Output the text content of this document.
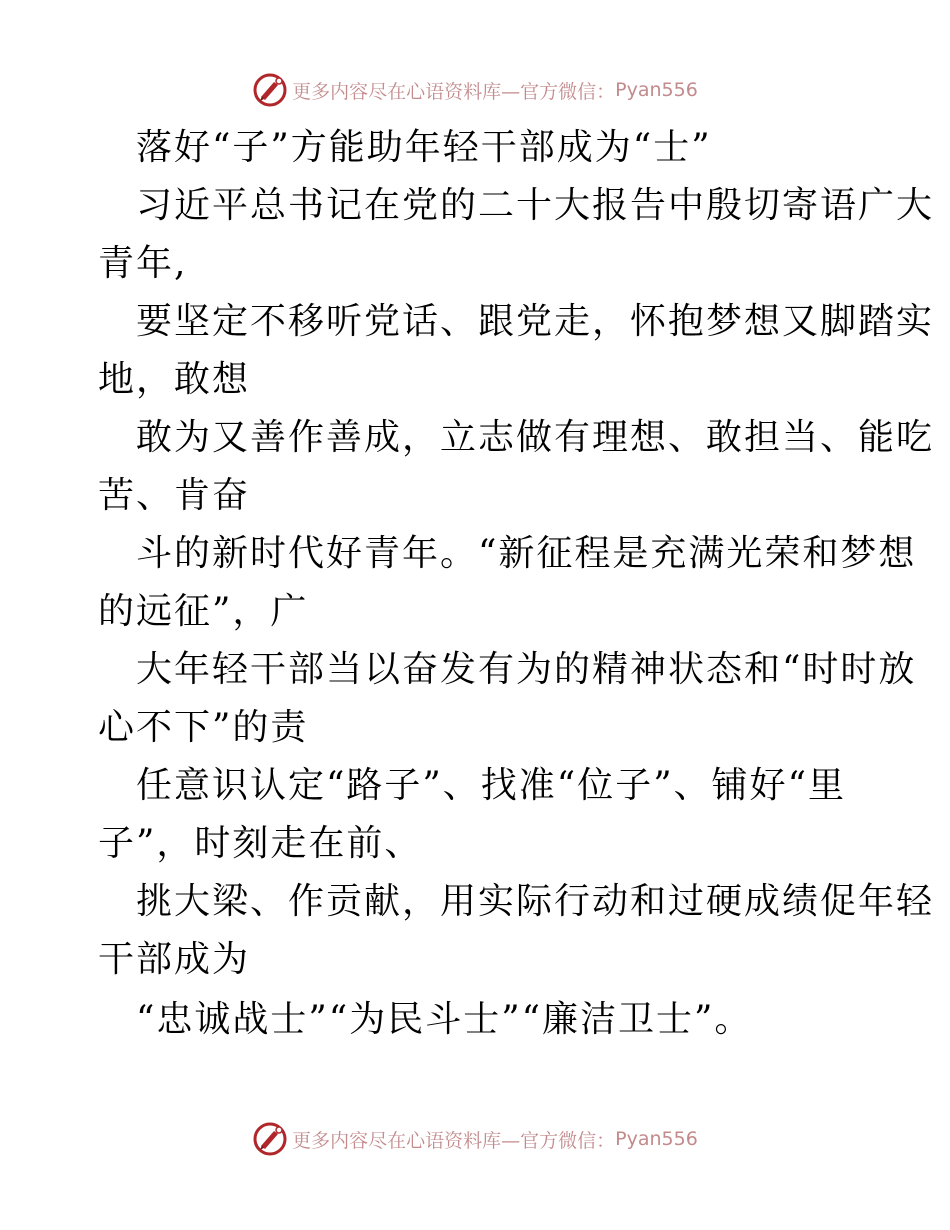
更多内容尽在心语资料库—官方微信： Pyan556
落好“子”方能助年轻干部成为“士”
习近平总书记在党的二十大报告中殷切寄语广大
青年,
要坚定不移听党话、跟党走，怀抱梦想又脚踏实
地，敢想
敢为又善作善成，立志做有理想、敢担当、能吃
苦、肯奋
斗的新时代好青年。“新征程是充满光荣和梦想
的远征”，广
大年轻干部当以奋发有为的精神状态和“时时放
心不下”的责
任意识认定“路子”、找准“位子”、铺好“里
子”，时刻走在前、
挑大梁、作贡献，用实际行动和过硬成绩促年轻
干部成为
“忠诚战士”“为民斗士”“廉洁卫士”。
更多内容尽在心语资料库—官方微信： Pyan556
